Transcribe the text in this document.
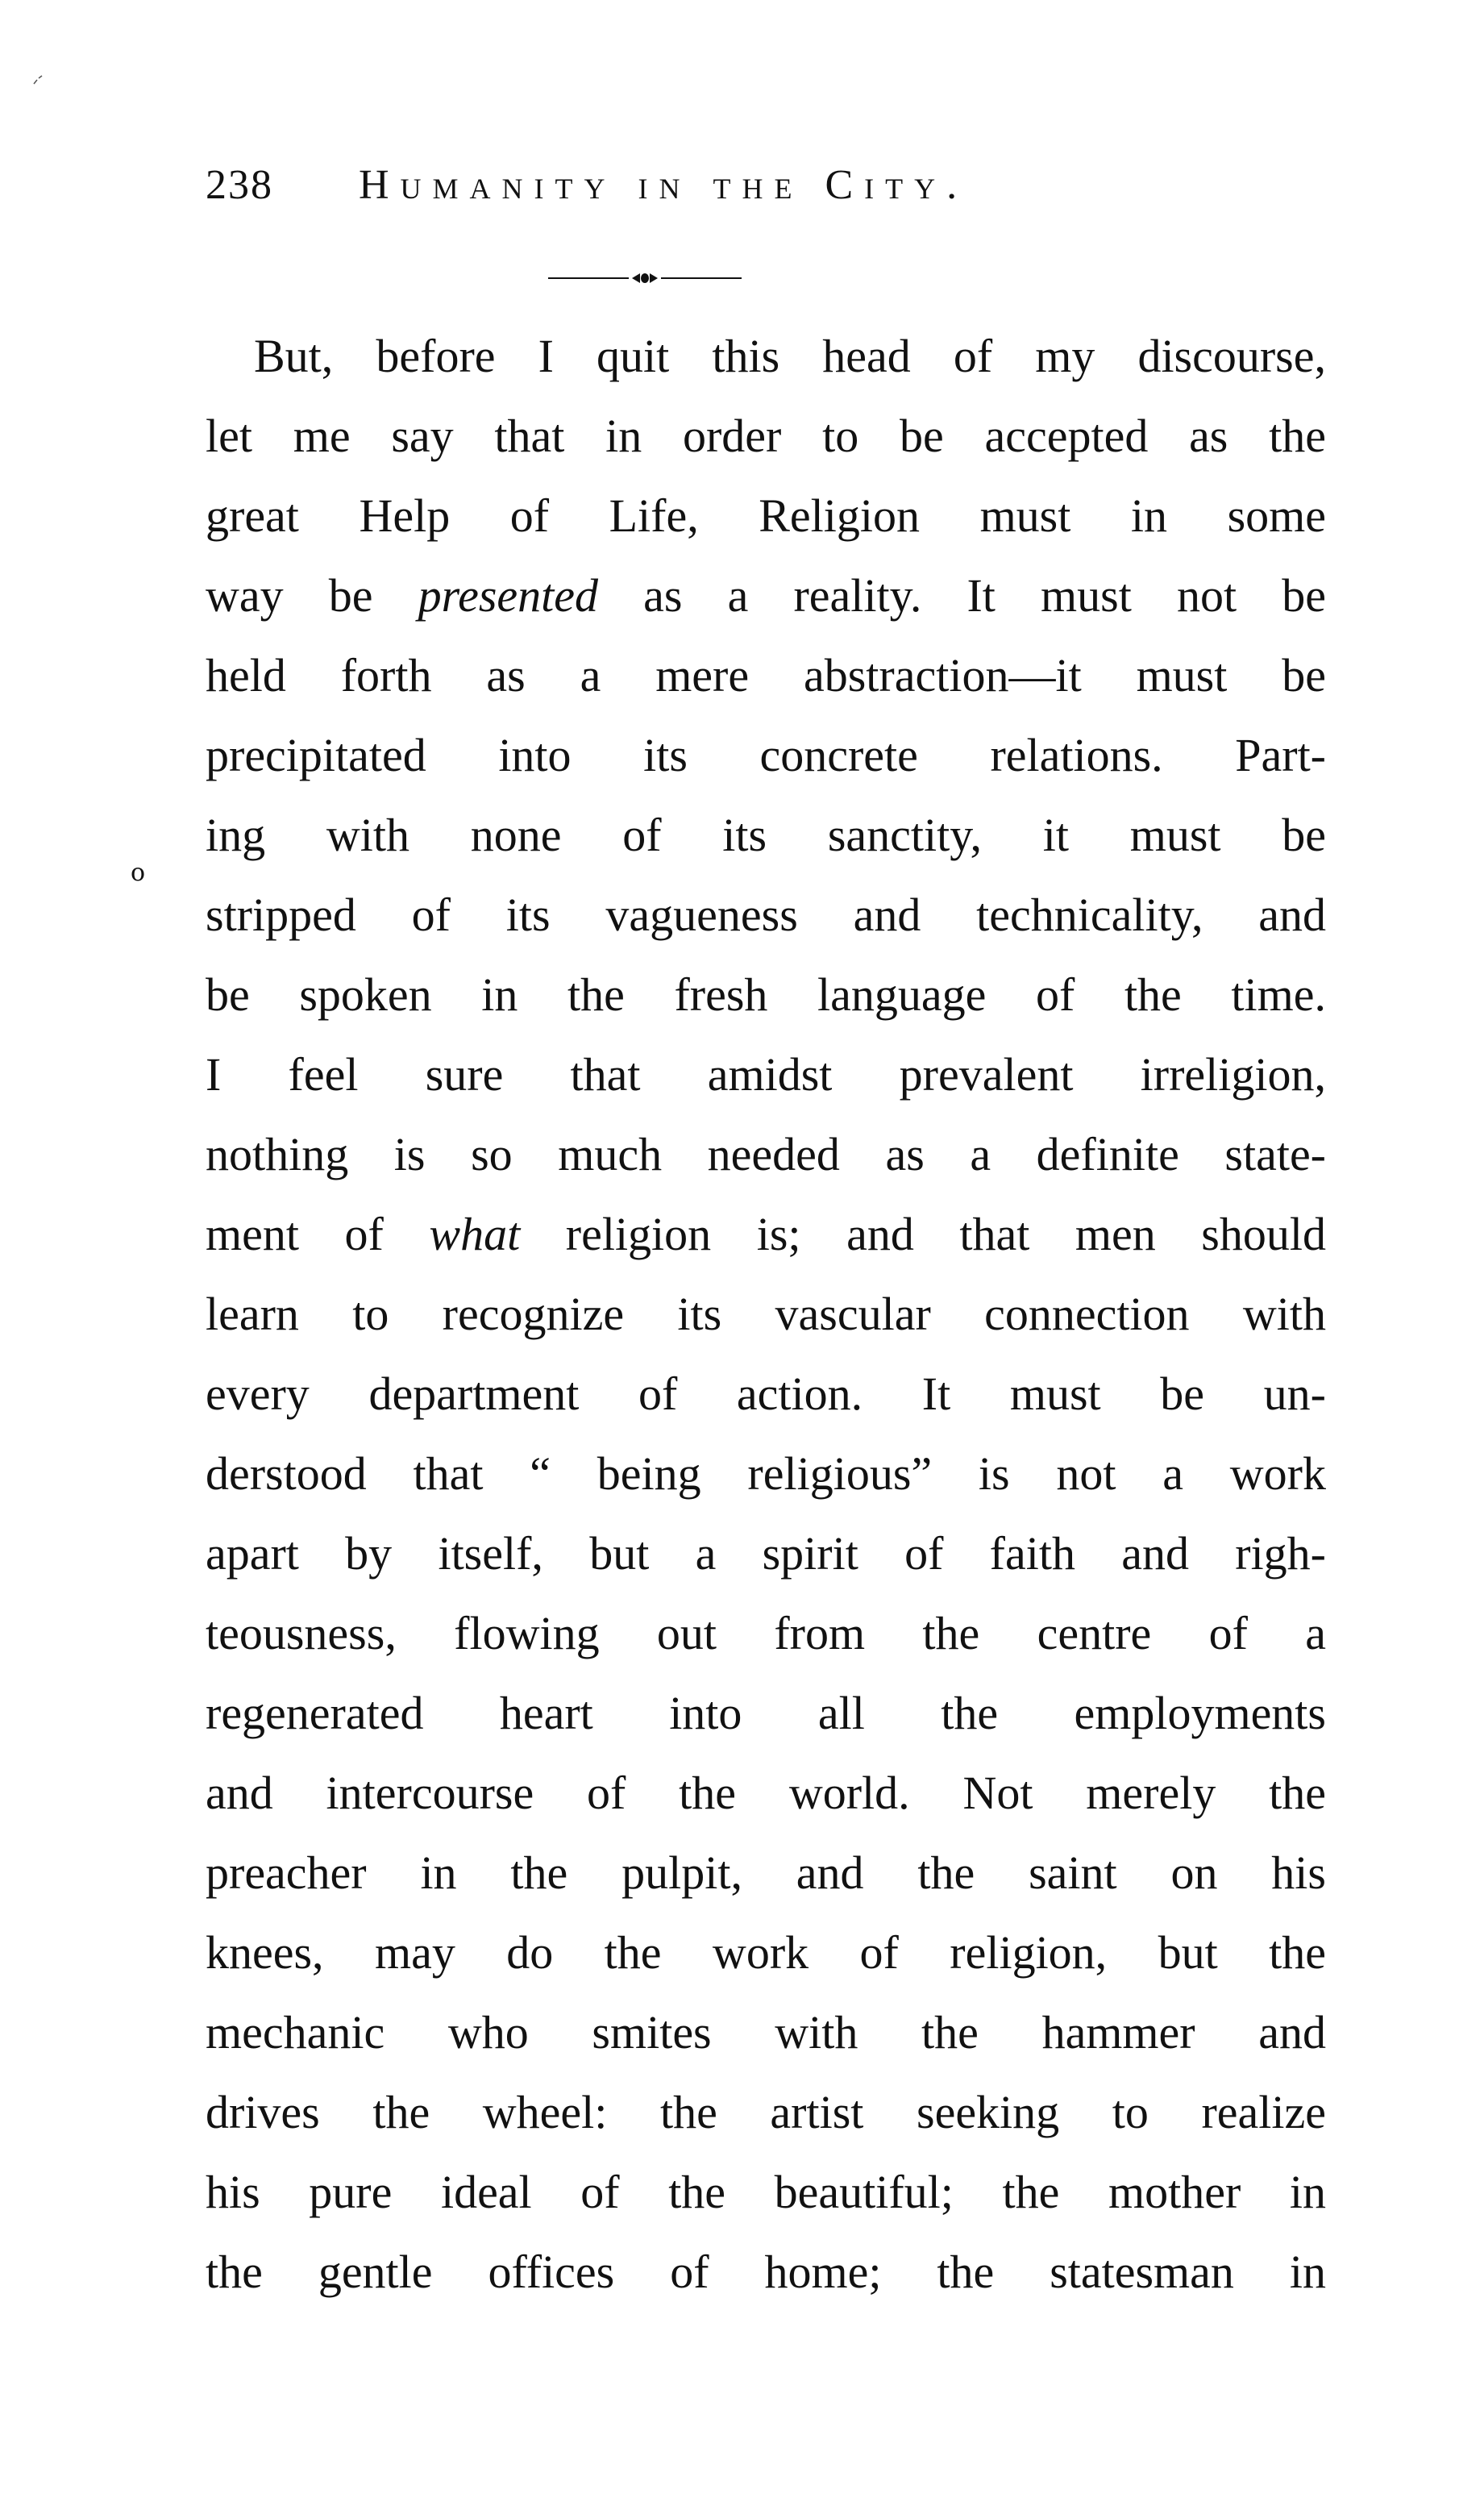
238 Humanity in the City.
o
But, before I quit this head of my discourse,
let me say that in order to be accepted as the
great Help of Life, Religion must in some
way be presented as a reality. It must not be
held forth as a mere abstraction—it must be
precipitated into its concrete relations. Part-
ing with none of its sanctity, it must be
stripped of its vagueness and technicality, and
be spoken in the fresh language of the time.
I feel sure that amidst prevalent irreligion,
nothing is so much needed as a definite state-
ment of what religion is; and that men should
learn to recognize its vascular connection with
every department of action. It must be un-
derstood that “ being religious” is not a work
apart by itself, but a spirit of faith and righ-
teousness, flowing out from the centre of a
regenerated heart into all the employments
and intercourse of the world. Not merely the
preacher in the pulpit, and the saint on his
knees, may do the work of religion, but the
mechanic who smites with the hammer and
drives the wheel: the artist seeking to realize
his pure ideal of the beautiful; the mother in
the gentle offices of home; the statesman in
